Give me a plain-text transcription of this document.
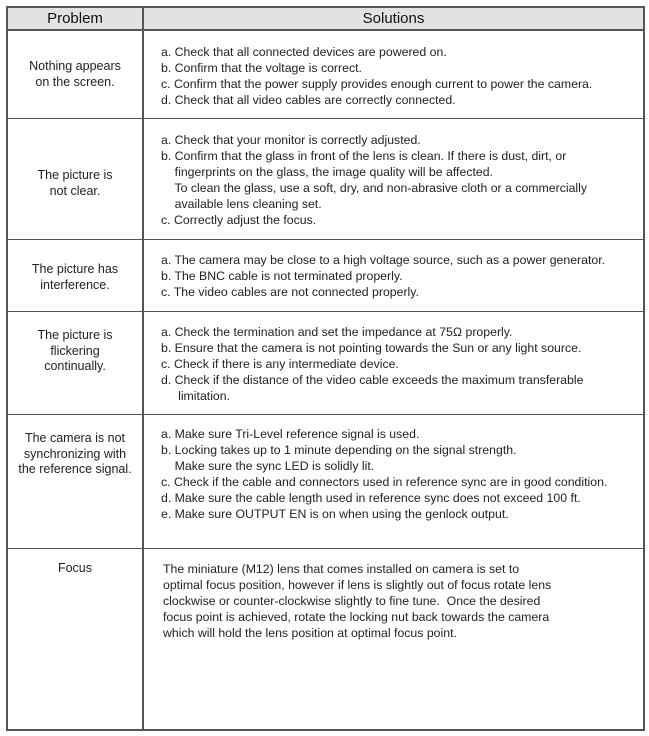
Problem	Solutions
Nothing appears
on the screen.
a. Check that all connected devices are powered on.
b. Confirm that the voltage is correct.
c. Confirm that the power supply provides enough current to power the camera.
d. Check that all video cables are correctly connected.
The picture is
not clear.
a. Check that your monitor is correctly adjusted.
b. Confirm that the glass in front of the lens is clean. If there is dust, dirt, or
fingerprints on the glass, the image quality will be affected.
To clean the glass, use a soft, dry, and non-abrasive cloth or a commercially
available lens cleaning set.
c. Correctly adjust the focus.
The picture has
interference.
a. The camera may be close to a high voltage source, such as a power generator.
b. The BNC cable is not terminated properly.
c. The video cables are not connected properly.
The picture is
flickering
continually.
a. Check the termination and set the impedance at 75Ω properly.
b. Ensure that the camera is not pointing towards the Sun or any light source.
c. Check if there is any intermediate device.
d. Check if the distance of the video cable exceeds the maximum transferable
limitation.
The camera is not
synchronizing with
the reference signal.
a. Make sure Tri-Level reference signal is used.
b. Locking takes up to 1 minute depending on the signal strength.
Make sure the sync LED is solidly lit.
c. Check if the cable and connectors used in reference sync are in good condition.
d. Make sure the cable length used in reference sync does not exceed 100 ft.
e. Make sure OUTPUT EN is on when using the genlock output.
Focus	The miniature (M12) lens that comes installed on camera is set to
optimal focus position, however if lens is slightly out of focus rotate lens
clockwise or counter-clockwise slightly to fine tune.  Once the desired
focus point is achieved, rotate the locking nut back towards the camera
which will hold the lens position at optimal focus point.
